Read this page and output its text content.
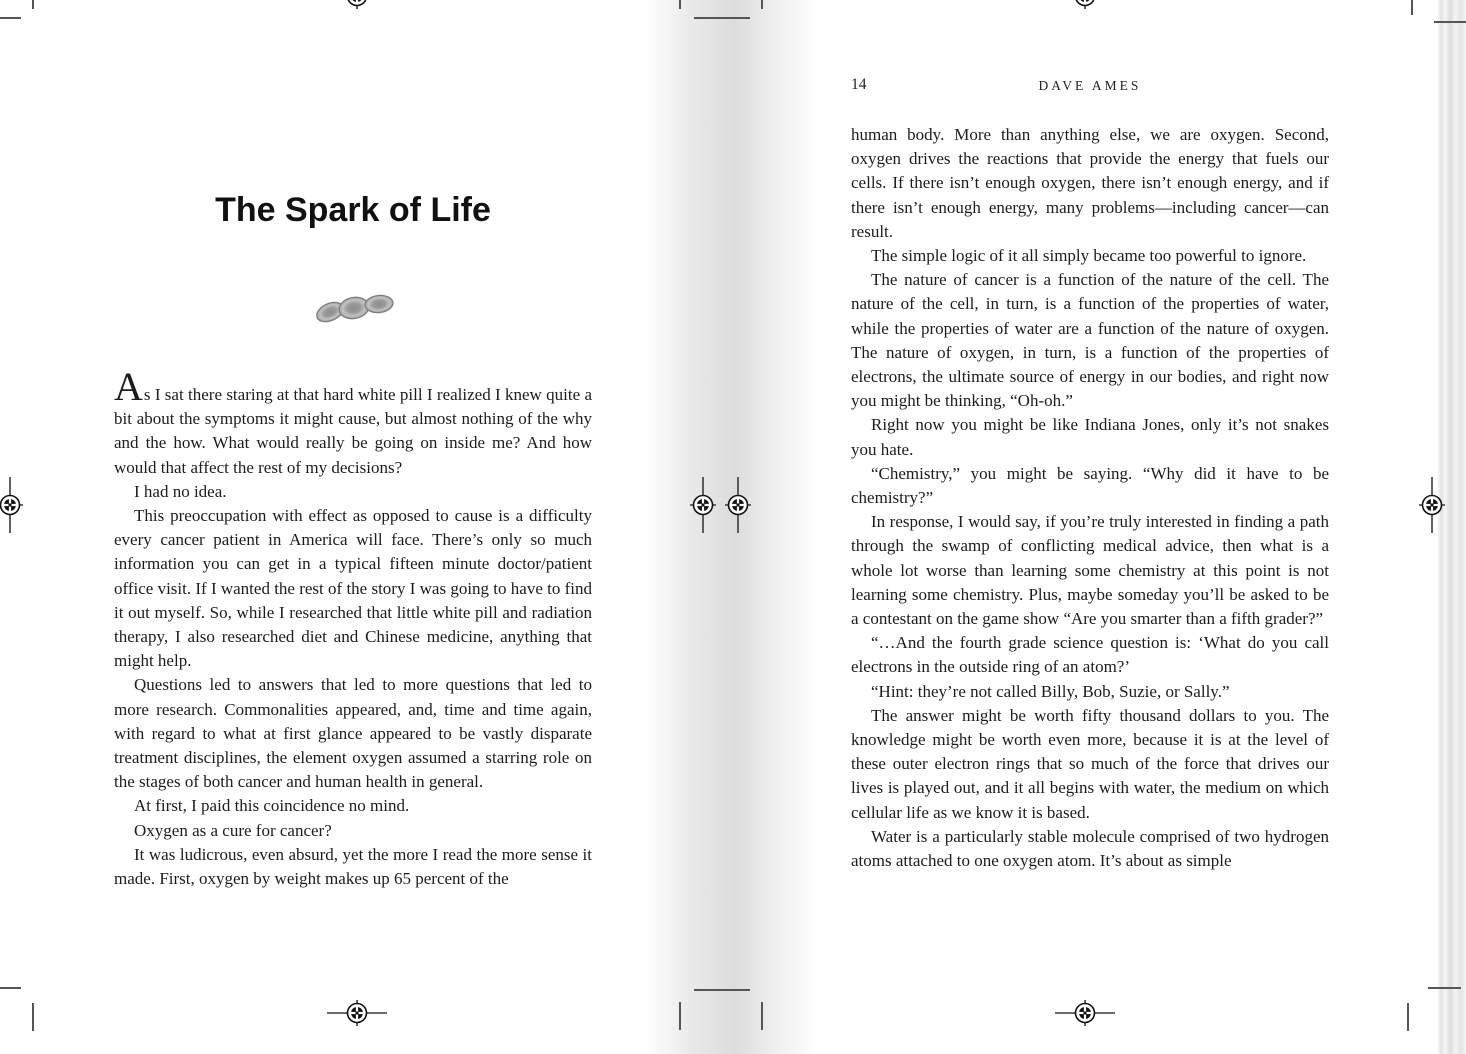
The Spark of Life

As I sat there staring at that hard white pill I realized I knew quite a bit about the symptoms it might cause, but almost nothing of the why and the how. What would really be going on inside me? And how would that affect the rest of my decisions?

I had no idea.

This preoccupation with effect as opposed to cause is a difficulty every cancer patient in America will face. There’s only so much information you can get in a typical fifteen minute doctor/patient office visit. If I wanted the rest of the story I was going to have to find it out myself. So, while I researched that little white pill and radiation therapy, I also researched diet and Chinese medicine, anything that might help.

Questions led to answers that led to more questions that led to more research. Commonalities appeared, and, time and time again, with regard to what at first glance appeared to be vastly disparate treatment disciplines, the element oxygen assumed a starring role on the stages of both cancer and human health in general.

At first, I paid this coincidence no mind.

Oxygen as a cure for cancer?

It was ludicrous, even absurd, yet the more I read the more sense it made. First, oxygen by weight makes up 65 percent of the

14	DAVE AMES

human body. More than anything else, we are oxygen. Second, oxygen drives the reactions that provide the energy that fuels our cells. If there isn’t enough oxygen, there isn’t enough energy, and if there isn’t enough energy, many problems—including cancer—can result.

The simple logic of it all simply became too powerful to ignore.

The nature of cancer is a function of the nature of the cell. The nature of the cell, in turn, is a function of the properties of water, while the properties of water are a function of the nature of oxygen. The nature of oxygen, in turn, is a function of the properties of electrons, the ultimate source of energy in our bodies, and right now you might be thinking, “Oh-oh.”

Right now you might be like Indiana Jones, only it’s not snakes you hate.

“Chemistry,” you might be saying. “Why did it have to be chemistry?”

In response, I would say, if you’re truly interested in finding a path through the swamp of conflicting medical advice, then what is a whole lot worse than learning some chemistry at this point is not learning some chemistry. Plus, maybe someday you’ll be asked to be a contestant on the game show “Are you smarter than a fifth grader?”

“…And the fourth grade science question is: ‘What do you call electrons in the outside ring of an atom?’

“Hint: they’re not called Billy, Bob, Suzie, or Sally.”

The answer might be worth fifty thousand dollars to you. The knowledge might be worth even more, because it is at the level of these outer electron rings that so much of the force that drives our lives is played out, and it all begins with water, the medium on which cellular life as we know it is based.

Water is a particularly stable molecule comprised of two hydrogen atoms attached to one oxygen atom. It’s about as simple
